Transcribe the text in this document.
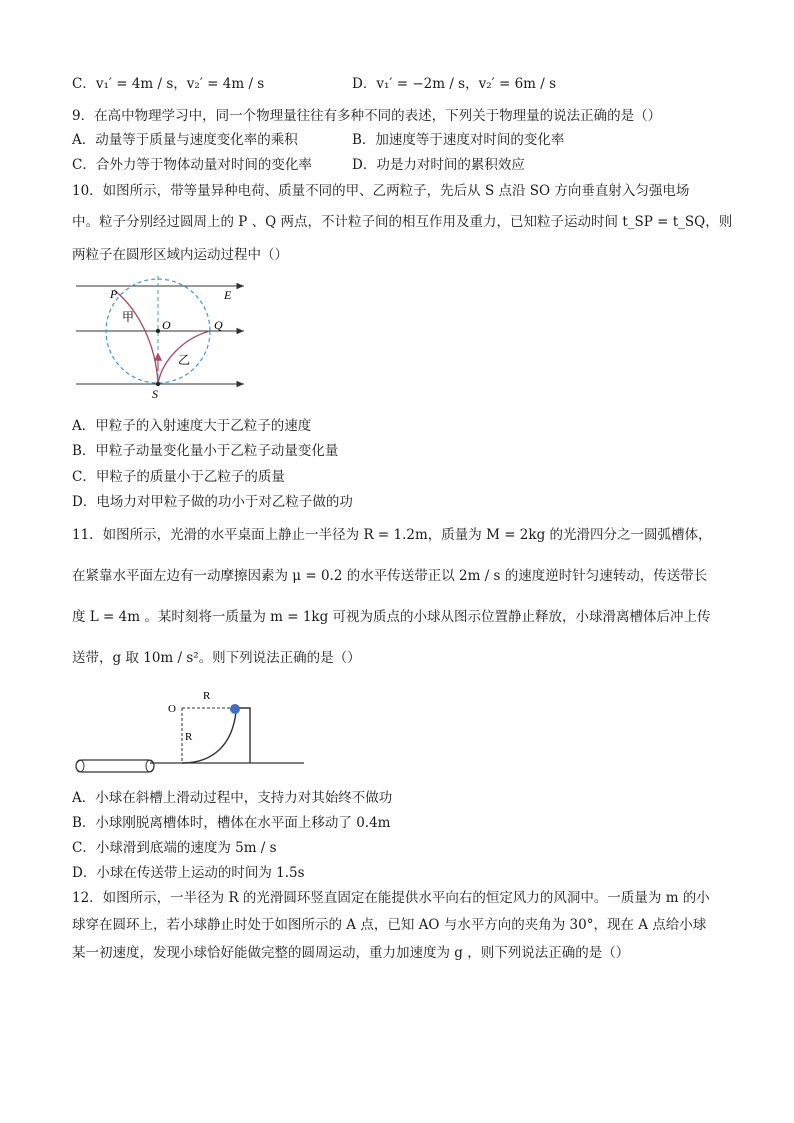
C．v₁′ = 4m / s，v₂′ = 4m / s	D．v₁′ = −2m / s，v₂′ = 6m / s
9．在高中物理学习中，同一个物理量往往有多种不同的表述，下列关于物理量的说法正确的是（）
A．动量等于质量与速度变化率的乘积	B．加速度等于速度对时间的变化率
C．合外力等于物体动量对时间的变化率	D．功是力对时间的累积效应
10．如图所示，带等量异种电荷、质量不同的甲、乙两粒子，先后从 S 点沿 SO 方向垂直射入匀强电场
中。粒子分别经过圆周上的 P 、Q 两点，不计粒子间的相互作用及重力，已知粒子运动时间 t_SP = t_SQ，则
两粒子在圆形区域内运动过程中（）
P	E
甲
O	Q
乙
S
A．甲粒子的入射速度大于乙粒子的速度
B．甲粒子动量变化量小于乙粒子动量变化量
C．甲粒子的质量小于乙粒子的质量
D．电场力对甲粒子做的功小于对乙粒子做的功
11．如图所示，光滑的水平桌面上静止一半径为 R = 1.2m，质量为 M = 2kg 的光滑四分之一圆弧槽体，
在紧靠水平面左边有一动摩擦因素为 μ = 0.2 的水平传送带正以 2m / s 的速度逆时针匀速转动，传送带长
度 L = 4m 。某时刻将一质量为 m = 1kg 可视为质点的小球从图示位置静止释放，小球滑离槽体后冲上传
送带，g 取 10m / s²。则下列说法正确的是（）
O
R
R
A．小球在斜槽上滑动过程中，支持力对其始终不做功
B．小球刚脱离槽体时，槽体在水平面上移动了 0.4m
C．小球滑到底端的速度为 5m / s
D．小球在传送带上运动的时间为 1.5s
12．如图所示，一半径为 R 的光滑圆环竖直固定在能提供水平向右的恒定风力的风洞中。一质量为 m 的小
球穿在圆环上，若小球静止时处于如图所示的 A 点，已知 AO 与水平方向的夹角为 30°，现在 A 点给小球
某一初速度，发现小球恰好能做完整的圆周运动，重力加速度为 g ，则下列说法正确的是（）
